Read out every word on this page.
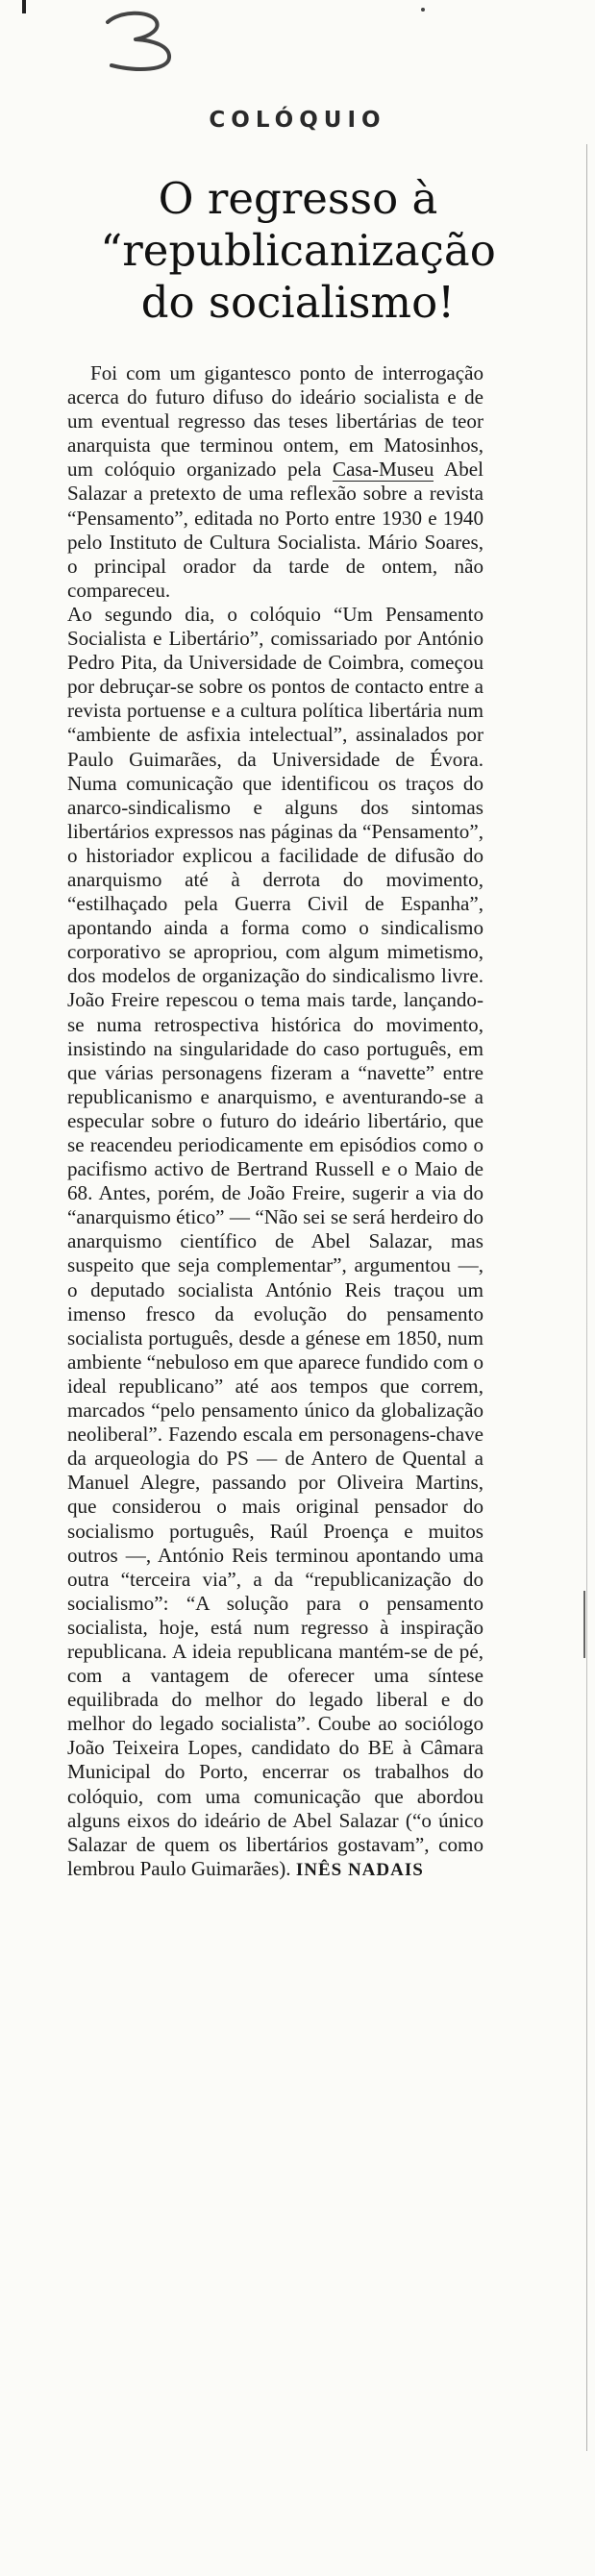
COLÓQUIO
O regresso à
“republicanização
do socialismo!

Foi com um gigantesco ponto de interrogação acerca do futuro difuso do ideário socialista e de um eventual regresso das teses libertárias de teor anarquista que terminou ontem, em Matosinhos, um colóquio organizado pela Casa-Museu Abel Salazar a pretexto de uma reflexão sobre a revista “Pensamento”, editada no Porto entre 1930 e 1940 pelo Instituto de Cultura Socialista. Mário Soares, o principal orador da tarde de ontem, não compareceu.

Ao segundo dia, o colóquio “Um Pensamento Socialista e Libertário”, comissariado por António Pedro Pita, da Universidade de Coimbra, começou por debruçar-se sobre os pontos de contacto entre a revista portuense e a cultura política libertária num “ambiente de asfixia intelectual”, assinalados por Paulo Guimarães, da Universidade de Évora. Numa comunicação que identificou os traços do anarco-sindicalismo e alguns dos sintomas libertários expressos nas páginas da “Pensamento”, o historiador explicou a facilidade de difusão do anarquismo até à derrota do movimento, “estilhaçado pela Guerra Civil de Espanha”, apontando ainda a forma como o sindicalismo corporativo se apropriou, com algum mimetismo, dos modelos de organização do sindicalismo livre. João Freire repescou o tema mais tarde, lançando-se numa retrospectiva histórica do movimento, insistindo na singularidade do caso português, em que várias personagens fizeram a “navette” entre republicanismo e anarquismo, e aventurando-se a especular sobre o futuro do ideário libertário, que se reacendeu periodicamente em episódios como o pacifismo activo de Bertrand Russell e o Maio de 68. Antes, porém, de João Freire, sugerir a via do “anarquismo ético” — “Não sei se será herdeiro do anarquismo científico de Abel Salazar, mas suspeito que seja complementar”, argumentou —, o deputado socialista António Reis traçou um imenso fresco da evolução do pensamento socialista português, desde a génese em 1850, num ambiente “nebuloso em que aparece fundido com o ideal republicano” até aos tempos que correm, marcados “pelo pensamento único da globalização neoliberal”. Fazendo escala em personagens-chave da arqueologia do PS — de Antero de Quental a Manuel Alegre, passando por Oliveira Martins, que considerou o mais original pensador do socialismo português, Raúl Proença e muitos outros —, António Reis terminou apontando uma outra “terceira via”, a da “republicanização do socialismo”: “A solução para o pensamento socialista, hoje, está num regresso à inspiração republicana. A ideia republicana mantém-se de pé, com a vantagem de oferecer uma síntese equilibrada do melhor do legado liberal e do melhor do legado socialista”. Coube ao sociólogo João Teixeira Lopes, candidato do BE à Câmara Municipal do Porto, encerrar os trabalhos do colóquio, com uma comunicação que abordou alguns eixos do ideário de Abel Salazar (“o único Salazar de quem os libertários gostavam”, como lembrou Paulo Guimarães). INÊS NADAIS
